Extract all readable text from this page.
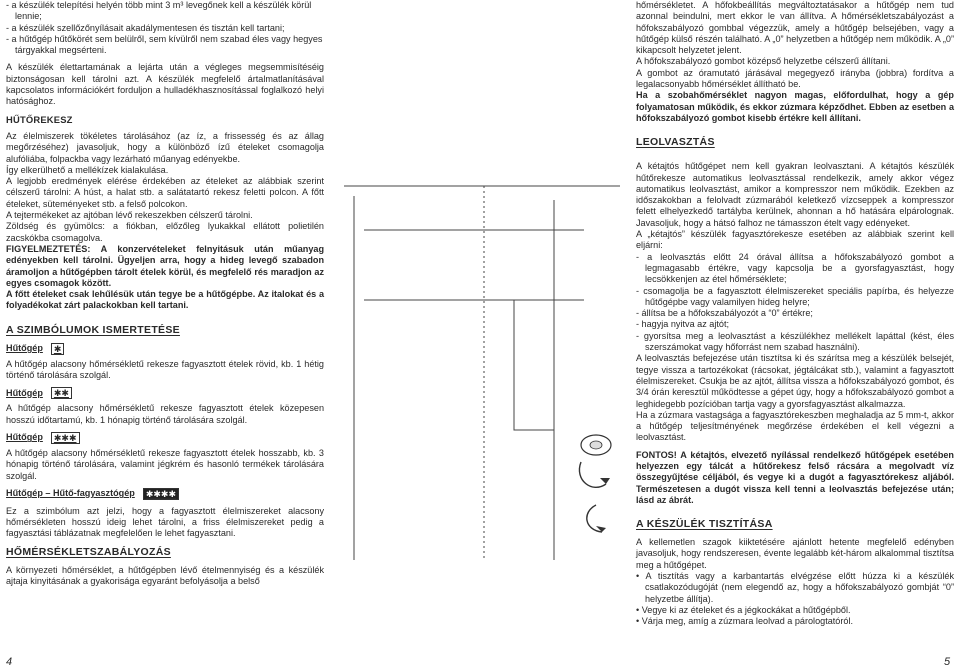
- a készülék telepítési helyén több mint 3 m³ levegőnek kell a készülék körül lennie;

- a készülék szellőzőnyílásait akadálymentesen és tisztán kell tartani;

- a hűtőgép hűtőkörét sem belülről, sem kívülről nem szabad éles vagy hegyes tárgyakkal megsérteni.

A készülék élettartamának a lejárta után a végleges megsemmisítéséig biztonságosan kell tárolni azt. A készülék megfelelő ártalmatlanításával kapcsolatos információkért forduljon a hulladékhasznosítással foglalkozó helyi hatósághoz.

HŰTŐREKESZ

Az élelmiszerek tökéletes tárolásához (az íz, a frissesség és az állag megőrzéséhez) javasoljuk, hogy a különböző ízű ételeket csomagolja alufóliába, folpackba vagy lezárható műanyag edényekbe.

Így elkerülhető a mellékízek kialakulása.

A legjobb eredmények elérése érdekében az ételeket az alábbiak szerint célszerű tárolni: A húst, a halat stb. a salátatartó rekesz feletti polcon. A főtt ételeket, süteményeket stb. a felső polcokon.

A tejtermékeket az ajtóban lévő rekeszekben célszerű tárolni.

Zöldség és gyümölcs: a fiókban, előzőleg lyukakkal ellátott polietilén zacskókba csomagolva.

FIGYELMEZTETÉS: A konzervételeket felnyitásuk után műanyag edényekben kell tárolni. Ügyeljen arra, hogy a hideg levegő szabadon áramoljon a hűtőgépben tárolt ételek körül, és megfelelő rés maradjon az egyes csomagok között.

A főtt ételeket csak lehűlésük után tegye be a hűtőgépbe. Az italokat és a folyadékokat zárt palackokban kell tartani.

A SZIMBÓLUMOK ISMERTETÉSE

Hűtőgép	✱

A hűtőgép alacsony hőmérsékletű rekesze fagyasztott ételek rövid, kb. 1 hétig történő tárolására szolgál.

Hűtőgép	✱✱

A hűtőgép alacsony hőmérsékletű rekesze fagyasztott ételek közepesen hosszú időtartamú, kb. 1 hónapig történő tárolására szolgál.

Hűtőgép	✱✱✱

A hűtőgép alacsony hőmérsékletű rekesze fagyasztott ételek hosszabb, kb. 3 hónapig történő tárolására, valamint jégkrém és hasonló termékek tárolására szolgál.

Hűtőgép – Hűtő-fagyasztógép	✱✱✱✱

Ez a szimbólum azt jelzi, hogy a fagyasztott élelmiszereket alacsony hőmérsékleten hosszú ideig lehet tárolni, a friss élelmiszereket pedig a fagyasztási táblázatnak megfelelően le lehet fagyasztani.

HŐMÉRSÉKLETSZABÁLYOZÁS

A környezeti hőmérséklet, a hűtőgépben lévő ételmennyiség és a készülék ajtaja kinyitásának a gyakorisága egyaránt befolyásolja a belső

hőmérsékletet. A hőfokbeállítás megváltoztatásakor a hűtőgép nem tud azonnal beindulni, mert ekkor le van állítva. A hőmérsékletszabályozást a hőfokszabályozó gombbal végezzük, amely a hűtőgép belsejében, vagy a hűtőgép külső részén található. A „0” helyzetben a hűtőgép nem működik. A „0” kikapcsolt helyzetet jelent.

A hőfokszabályozó gombot középső helyzetbe célszerű állítani.

A gombot az óramutató járásával megegyező irányba (jobbra) fordítva a legalacsonyabb hőmérséklet állítható be.

Ha a szobahőmérséklet nagyon magas, előfordulhat, hogy a gép folyamatosan működik, és ekkor zúzmara képződhet. Ebben az esetben a hőfokszabályozó gombot kisebb értékre kell állítani.

LEOLVASZTÁS

A kétajtós hűtőgépet nem kell gyakran leolvasztani. A kétajtós készülék hűtőrekesze automatikus leolvasztással rendelkezik, amely akkor végez automatikus leolvasztást, amikor a kompresszor nem működik. Ezekben az időszakokban a felolvadt zúzmarából keletkező vízcseppek a kompresszor felett elhelyezkedő tartályba kerülnek, ahonnan a hő hatására elpárolognak. Javasoljuk, hogy a hátsó falhoz ne támasszon ételt vagy edényeket.

A „kétajtós” készülék fagyasztórekesze esetében az alábbiak szerint kell eljárni:

- a leolvasztás előtt 24 órával állítsa a hőfokszabályozó gombot a legmagasabb értékre, vagy kapcsolja be a gyorsfagyasztást, hogy lecsökkenjen az étel hőmérséklete;

- csomagolja be a fagyasztott élelmiszereket speciális papírba, és helyezze hűtőgépbe vagy valamilyen hideg helyre;

- állítsa be a hőfokszabályozót a “0” értékre;

- hagyja nyitva az ajtót;

- gyorsítsa meg a leolvasztást a készülékhez mellékelt lapáttal (kést, éles szerszámokat vagy hőforrást nem szabad használni).

A leolvasztás befejezése után tisztítsa ki és szárítsa meg a készülék belsejét, tegye vissza a tartozékokat (rácsokat, jégtálcákat stb.), valamint a fagyasztott élelmiszereket. Csukja be az ajtót, állítsa vissza a hőfokszabályozó gombot, és 3/4 órán keresztül működtesse a gépet úgy, hogy a hőfokszabályozó gombot a leghidegebb pozícióban tartja vagy a gyorsfagyasztást alkalmazza.

Ha a zúzmara vastagsága a fagyasztórekeszben meghaladja az 5 mm-t, akkor a hűtőgép teljesítményének megőrzése érdekében el kell végezni a leolvasztást.

FONTOS! A kétajtós, elvezető nyílással rendelkező hűtőgépek esetében helyezzen egy tálcát a hűtőrekesz felső rácsára a megolvadt víz összegyűjtése céljából, és vegye ki a dugót a fagyasztórekesz aljából. Természetesen a dugót vissza kell tenni a leolvasztás befejezése után; lásd az ábrát.

A KÉSZÜLÉK TISZTÍTÁSA

A kellemetlen szagok kiiktetésére ajánlott hetente megfelelő edényben javasoljuk, hogy rendszeresen, évente legalább két-három alkalommal tisztítsa meg a hűtőgépet.

• A tisztítás vagy a karbantartás elvégzése előtt húzza ki a készülék csatlakozódugóját (nem elegendő az, hogy a hőfokszabályozó gombját “0” helyzetbe állítja).

• Vegye ki az ételeket és a jégkockákat a hűtőgépből.

• Várja meg, amíg a zúzmara leolvad a párologtatóról.

4	5
